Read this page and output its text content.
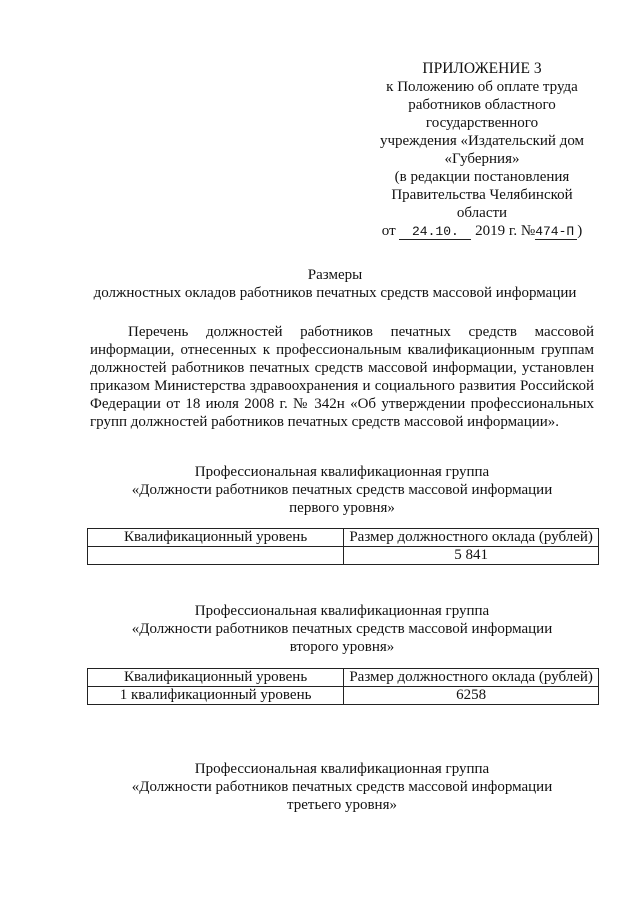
ПРИЛОЖЕНИЕ 3
к Положению об оплате труда
работников областного
государственного
учреждения «Издательский дом
«Губерния»
(в редакции постановления
Правительства Челябинской
области
от 24.10. 2019 г. №474-П )
Размеры
должностных окладов работников печатных средств массовой информации
Перечень должностей работников печатных средств массовой информации, отнесенных к профессиональным квалификационным группам должностей работников печатных средств массовой информации, установлен приказом Министерства здравоохранения и социального развития Российской Федерации от 18 июля 2008 г. № 342н «Об утверждении профессиональных групп должностей работников печатных средств массовой информации».
Профессиональная квалификационная группа
«Должности работников печатных средств массовой информации
первого уровня»
Квалификационный уровень	Размер должностного оклада (рублей)
	5 841
Профессиональная квалификационная группа
«Должности работников печатных средств массовой информации
второго уровня»
Квалификационный уровень	Размер должностного оклада (рублей)
1 квалификационный уровень	6258
Профессиональная квалификационная группа
«Должности работников печатных средств массовой информации
третьего уровня»
